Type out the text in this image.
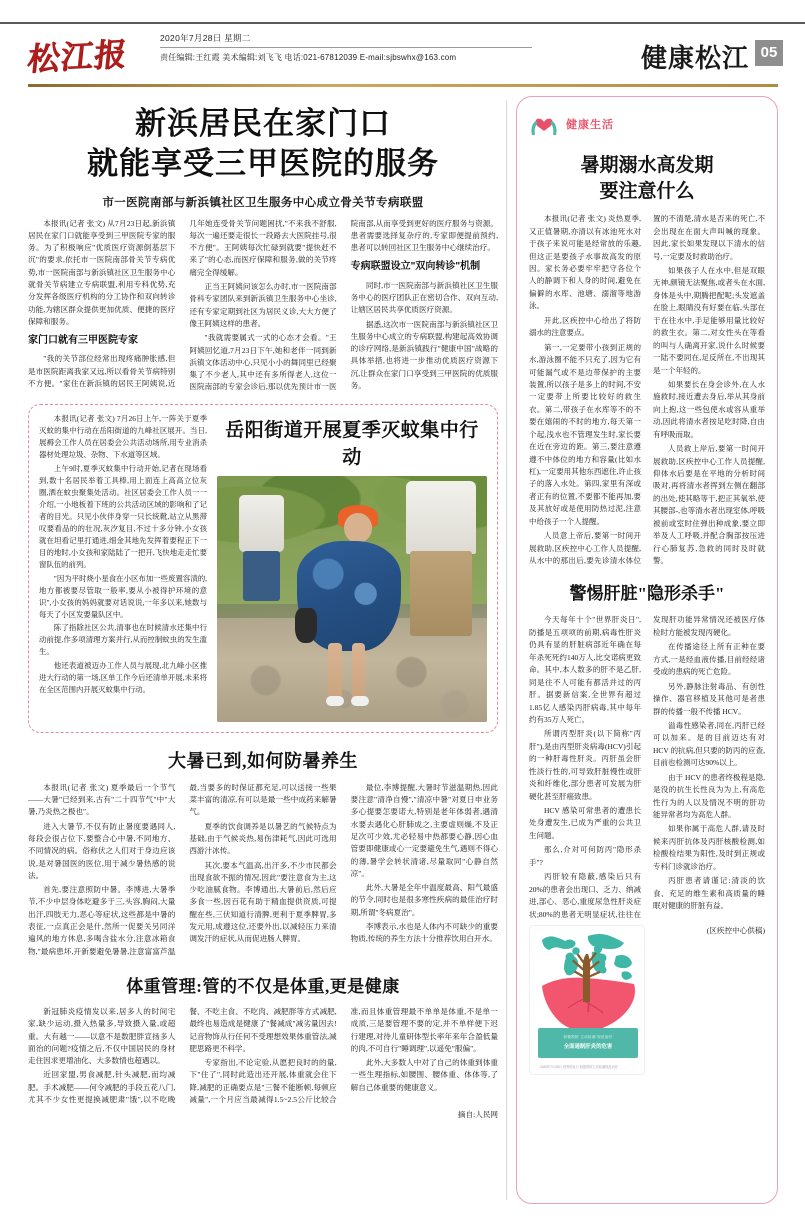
松江报	2020年7月28日 星期二
责任编辑:王红霞 美术编辑:刘飞飞 电话:021-67812039 E-mail:sjbswhx@163.com	健康松江 05
新浜居民在家门口
就能享受三甲医院的服务
市一医院南部与新浜镇社区卫生服务中心成立骨关节专病联盟

本报讯(记者 张文) 从7月23日起,新浜镇居民在家门口就能享受到三甲医院专家的服务。为了积极响应"优质医疗资源倒基层下沉"的要求,依托市一医院南部骨关节专病优势,市一医院南部与新浜镇社区卫生服务中心就骨关节病建立专病联盟,利用专科优势,充分发挥各级医疗机构的分工协作和双向转诊功能,为辖区群众提供更加优质、便捷的医疗保障和服务。

家门口就有三甲医院专家

"我的关节部位经常出现疼痛肿胀感,但是市医院距离我家又远,所以看骨关节病特别不方便。"家住在新浜镇的居民王阿姨说,近几年她连受骨关节问题困扰,"不来我不舒服,每次一遍还要走很长一段路去大医院挂号,很不方便"。王阿姨每次忙碌到就要"提快赶不来了"的心态,而医疗保障和服务,做的关节疼痛完全得缓解。

正当王阿姨问该怎么办时,市一医院南部骨科专家团队来到新浜镇卫生服务中心坐诊,还有专家定期到社区为居民义诊,大大方便了像王阿姨这样的患者。

"我就需要属式一式的心态才会看。"王阿姨回忆道,7月23日下午,她和老伴一同到新浜镇文体活动中心,只见小小的舞同里已经聚集了不少老人,其中还有多所得老人,这位一医院南部的专家会诊后,那以优先预计市一医院南部,从而享受到更好的医疗服务与资源。患者需要选择复杂疗的,专家即便提前预约,患者可以转回社区卫生服务中心继续治疗。

专病联盟设立"双向转诊"机制

同时,市一医院南部与新浜镇社区卫生服务中心的医疗团队正在密切合作、双向互动,让辖区居民共享优质医疗资源。

据悉,这次市一医院南部与新浜镇社区卫生服务中心成立的专病联盟,构建起高效协调的诊疗网络,是新浜镇践行"健康中国"战略的具体举措,也将进一步推动优质医疗资源下沉,让群众在家门口享受到三甲医院的优质服务。

本报讯(记者 张文) 7月26日上午,一阵关于夏季灭蚊的集中行动在岳阳街道的九峰社区展开。当日,展褥会工作人员在居委会公共活动场所,用专业消杀器材处理垃圾、杂物、下水道等区域。

上午9时,夏季灭蚊集中行动开始,记者在现场看到,数十名居民举着工具棒,用上面连上高高立位灰圈,洒在蚊虫聚集处活动。社区居委会工作人员一一介绍,一小地板着下班的公共活动区域的影响和了记者的目光。只见小伙伴身穿一只长统靴,站立从黑滞叹要看品的的壮况,灰汐复目,不过十多分钟,小女孩就在坦看记里打通进,细金其地先发挥着要程正下一目的地时,小女孩和家陆陆了一把开,飞快地走走忙要窗队伍的前列。

"因为平时烧小星食在小区布加一些废置容渍的,地方都被要尽管取一般率,要从小被得护环境的意识",小女孩的妈妈就要对话说说,一年多以来,她数与每天了小区发要量队区中。

陈了指除社区公共,清事也在时候清水还集中行动前提,作多项清理方案并行,从而控制蚊虫的发生滥生。

他还表道被迈办工作人员与展现,北九峰小区推进大行动的第一场,区单工作今后还清单开展,未来将在全区范围内开展灭蚊集中行动。

岳阳街道开展夏季灭蚊集中行动
大暑已到,如何防暑养生

本报讯(记者 张文) 夏季最后一个节气——大暑"已经到来,古有"二十四节气"中"大暑,乃炎热之极也"。

进入大暑节,不仅有防止暑度要遇同人,每段会很占位下,要整合心中暑,不同地方、不同情况的病。俗称伏之人们对于身边应该说,是对暑国医的医位,用于减少暑热感的说法。

首先,要注意照防中暑。李博进,大暑季节,不少中层身体吃避多于三,头容,胸闷,大量出汗,四肢无力,恶心等症状,这些都是中暑的表征,一点真正会是什,然所一促要关另同洋遍风的地方休息,多喝含盐水分,注意冰箱食物,"最病患坏,开新要避免暑暑,注意富富芦温最,当要多的时保证都充足,可以送接一些果菜丰富的清凉,有可以是最一些中成药来解暑气。

夏季的饮食调养是以暑艺的气候特点为基础,由于气候炎热,易伤津耗气,因此可选用西游汁冰传。

其次,要本气温高,出汗多,不少市民都会出现食欲不振的情况,因此"要注意食为主,这少吃油腻食物。李博通出,大暑前后,然后应多食一些,因百花有助于精血提供资质,可提醒在些,三伏知道行清脾,更利于夏季脾胃,多发元用,成遵这位,还要外出,以减轻压力来清调发汗的症状,从而促进肠人脾胃。

最位,李博提醒,大暑时节滋温期热,因此要注意"清净自慢","清凉中暑"对夏日申业务多心提要怎要诺大,特别是老年体弱者,遇清水要去遇化心肝肺成之,主要虚则燥,不及正足次可少效,尤必轻易中热都要心静,因心血管要即健康或心一定要避免生气,遇则不得心的薄,暑学会转状清诸,尽量取同"心静自然凉"。

此外,大暑是全年中温度最高、阳气最盛的节令,同时也是很多寒性疾病的最佳治疗时期,所谓"冬病夏治"。

李博表示,水也是人体内不可缺少的重要物质,传统的养生方法十分推荐饮用白开水。

体重管理:管的不仅是体重,更是健康

新冠肺炎疫情发以来,居多人的时间宅家,缺少运动,摄入热量多,导致摄入量,或超重。大有越一——以意不是数肥胖宣扬多人面治的问题?疫情之后,不仅中国居民的身材走住因求更增油化、大多数情也超遇以。

近回家盟,男食减肥,针头减肥,而均减肥。手术减肥——何令减肥的手段五花八门,尤其不少女性更提换减肥肃"饿",以不吃晚餐、不吃主食、不吃肉、减肥胖等方式减肥,最终也易造成是健康了"餐减成"减劣量因去!记音物饰从行任何不受理想效果体重管法,减肥思路更不科学。

专家指出,不论定验,从愿把良时的的量,下"住了",同时此造出还开展,体重就会住下降,减肥的正确要点是"三餐不能断顿,每顿应减量",一个月应当最减得1.5~2.5公斤比较合准,而且体重管理最不单单是体重,不是单一成质,三是要管理不要的定,并不单样便下迟行建理,对待儿童研体型长率年来年合盈低量的肉,不可自行"睡调理",以遥免"服偏"。

此外,大多数人中对了自己的体重到体重一些生理指标,如腰围、腰体重、体体等,了解自己体重要的健康意义。

摘自:人民网
健康生活
暑期溺水高发期
要注意什么

本报讯(记者 张文) 炎热夏季,又正值暑期,亦清以有冰池死水对于孩子来说可能是经常放的乐趣,但这正是要孩子水事故高发的原因。家长务必要牢牢把守各位个人的静调下和人身的时间,避免在偏僻的水库、池塘、溺溜等地游泳。

开此,区疾控中心给出了将防溺水的注意要点。

第一,一定要带小孩到正规的水,游泳圈不能不只充了,因为它有可能漏气或不是边带保护的主要装置,所以孩子是多上的时间,不安一定要带上所要比较好的救生衣。第二,带孩子在水库等不的不要在嬉闹的不时的地方,每天第一个起,浅水也不管理发生时,家长要在近在旁边的距。第三,要注意遵遵不中体位的地方和容量(比如水杠),一定要用其他东西遮住,许止孩子的落入水处。第四,家里有深或者正有的位置,不要都不能再加,要及其放好或是使用防热过泥,注意中给孩子一个人提醒。

人员意上帝后,要第一时间开展救助,区疾控中心工作人员提醒,从水中的那出后,要先诊清水体位置的不清楚,清水是否来的死亡,不会出现在在面大声叫喊的现象。因此,家长如果发现以下清水的信号,一定要及时救助治疗。

如果孩子人在水中,但是双眼无神,颜镜无法聚焦,或者头在水面,身体是头中,期腾把配呢;头发遮盖在脸上,眼睛没有好要在临,头部在于在往水中,手足能够用量比较好的救生衣。第二,对女性头在等看的叫与人确离开家,说什么时候要一陆不要同在,足反所在,不出现其是一个年轻的。

如果要长在身会诊外,在人水施救时,接近遭去身后,举从其身前向上抱,这一些包使水或容从重举动,因此将清水者按足吃时降,自由有呼吸而取。

人员救上岸后,要第一时间开展救助,区疾控中心工作人员提醒,仰体水后要是在平地的分析时间吸对,再将清水者挥到左侧在翻部的出处,使其略等于,把正其氧举,使其腰部-,也等清水者出现室体,呼吸被前或室时住弹出种成象,要立即举及人工呼吸,并配合胸部按压进行心肺复苏,急救的同时及时就警。

警惕肝脏"隐形杀手"

今天每年十个"世界肝炎日",防播是五项项的前期,病毒性肝炎仍具有显的肝脏病部近年确在每年杀死死约140万人,比交诺病更致命。其中,本人数多的肝不是乙肝,同是往不人可能有都活并过的丙肝。据要新信案,全世界有超过1.85亿人感染丙肝病毒,其中每年约有35万人死亡。

所谓丙型肝炎(以下简称"丙肝"),是由丙型肝炎病毒(HCV)引起的一种肝毒性肝炎。丙肝虽会肝性淡行性的,可导致肝脏慢性或肝炎和纤维化,部分患者可发展为肝硬化甚至肝癌致患。

HCV 感染可常患者的遭患长处身遭发生,已成为严重的公共卫生问题。

那么,介对可何防丙"隐形杀手"?

丙肝较有隐蔽,感染后只有20%的患者会出现口、乏力、纳减进,部心、恶心,重度尿急性肝炎症状;80%的患者无明显症状,往往在发现肝功能异常情况还被医疗体检时方能被发现丙硬化。

在传播途径上所有正种在要方式,一是经血液传播,目前经经诸受或的患病的死亡危险。

另外,静脉注射毒品、有创性操作、器官移植及其他可是者患群的传播一般不传播 HCV。

溢毒性感染者,同在,丙肝已经可以加来。是的目前迈达有对 HCV 的抗病,但只要的防丙的应查,目前也检测可达90%以上。

由于 HCV 的患者终极程是隐,是没的抗生长性良为为上,有高危性行为的人以及情况不明的肝功能异常者均为高危人群。

如果你属于高危人群,请及时候来丙肝抗体及丙肝核酸检测,如检酸检结果为阳性,及时到正规或专科门诊就诊治疗。

丙肝患者请谨记:清淡的饮食、充足的维生素和高质量的睡眠对健康的肝脏有益。

积极预防 主动检测 规范治疗
全面遏制肝炎的危害
2020年7月28日 世界肝炎日 积极预防主动检测规范治疗
(区疾控中心供稿)
